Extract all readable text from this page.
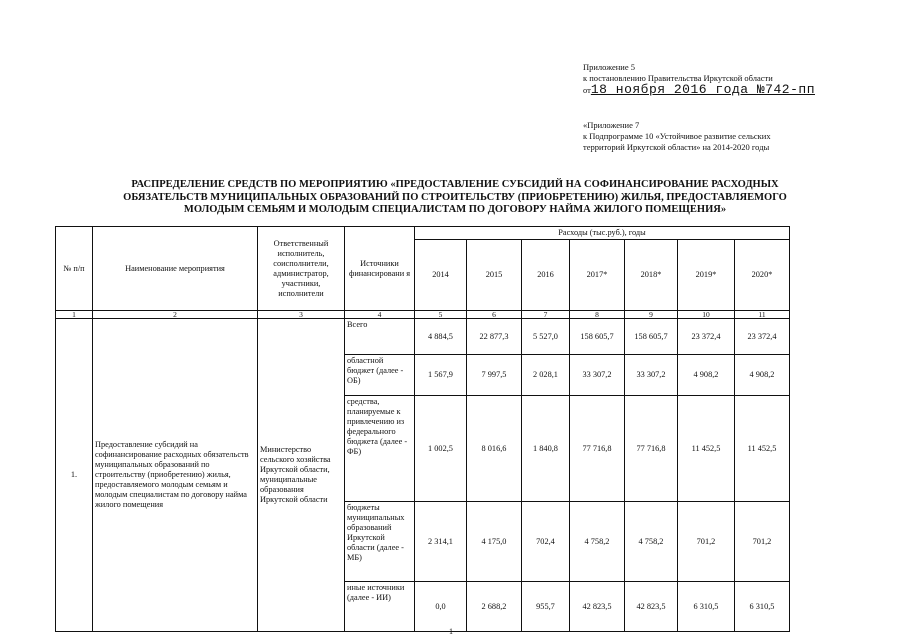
Приложение 5
к постановлению Правительства Иркутской области
от18 ноября 2016 года №742-пп
«Приложение 7
к Подпрограмме 10 «Устойчивое развитие сельских территорий Иркутской области» на 2014-2020 годы
РАСПРЕДЕЛЕНИЕ СРЕДСТВ ПО МЕРОПРИЯТИЮ «ПРЕДОСТАВЛЕНИЕ СУБСИДИЙ НА СОФИНАНСИРОВАНИЕ РАСХОДНЫХ ОБЯЗАТЕЛЬСТВ МУНИЦИПАЛЬНЫХ ОБРАЗОВАНИЙ ПО СТРОИТЕЛЬСТВУ (ПРИОБРЕТЕНИЮ) ЖИЛЬЯ, ПРЕДОСТАВЛЯЕМОГО МОЛОДЫМ СЕМЬЯМ И МОЛОДЫМ СПЕЦИАЛИСТАМ ПО ДОГОВОРУ НАЙМА ЖИЛОГО ПОМЕЩЕНИЯ»
№ п/п	Наименование мероприятия	Ответственный исполнитель, соисполнители, администратор, участники, исполнители	Источники финансировани я	Расходы (тыс.руб.), годы						
				2014	2015	2016	2017*	2018*	2019*	2020*
1	2	3	4	5	6	7	8	9	10	11
1.	Предоставление субсидий на софинансирование расходных обязательств муниципальных образований по строительству (приобретению) жилья, предоставляемого молодым семьям и молодым специалистам по договору найма жилого помещения	Министерство сельского хозяйства Иркутской области, муниципальные образования Иркутской области	Всего	4 884,5	22 877,3	5 527,0	158 605,7	158 605,7	23 372,4	23 372,4
			областной бюджет (далее - ОБ)	1 567,9	7 997,5	2 028,1	33 307,2	33 307,2	4 908,2	4 908,2
			средства, планируемые к привлечению из федерального бюджета (далее - ФБ)	1 002,5	8 016,6	1 840,8	77 716,8	77 716,8	11 452,5	11 452,5
			бюджеты муниципальных образований Иркутской области (далее - МБ)	2 314,1	4 175,0	702,4	4 758,2	4 758,2	701,2	701,2
			иные источники (далее - ИИ)	0,0	2 688,2	955,7	42 823,5	42 823,5	6 310,5	6 310,5
1
